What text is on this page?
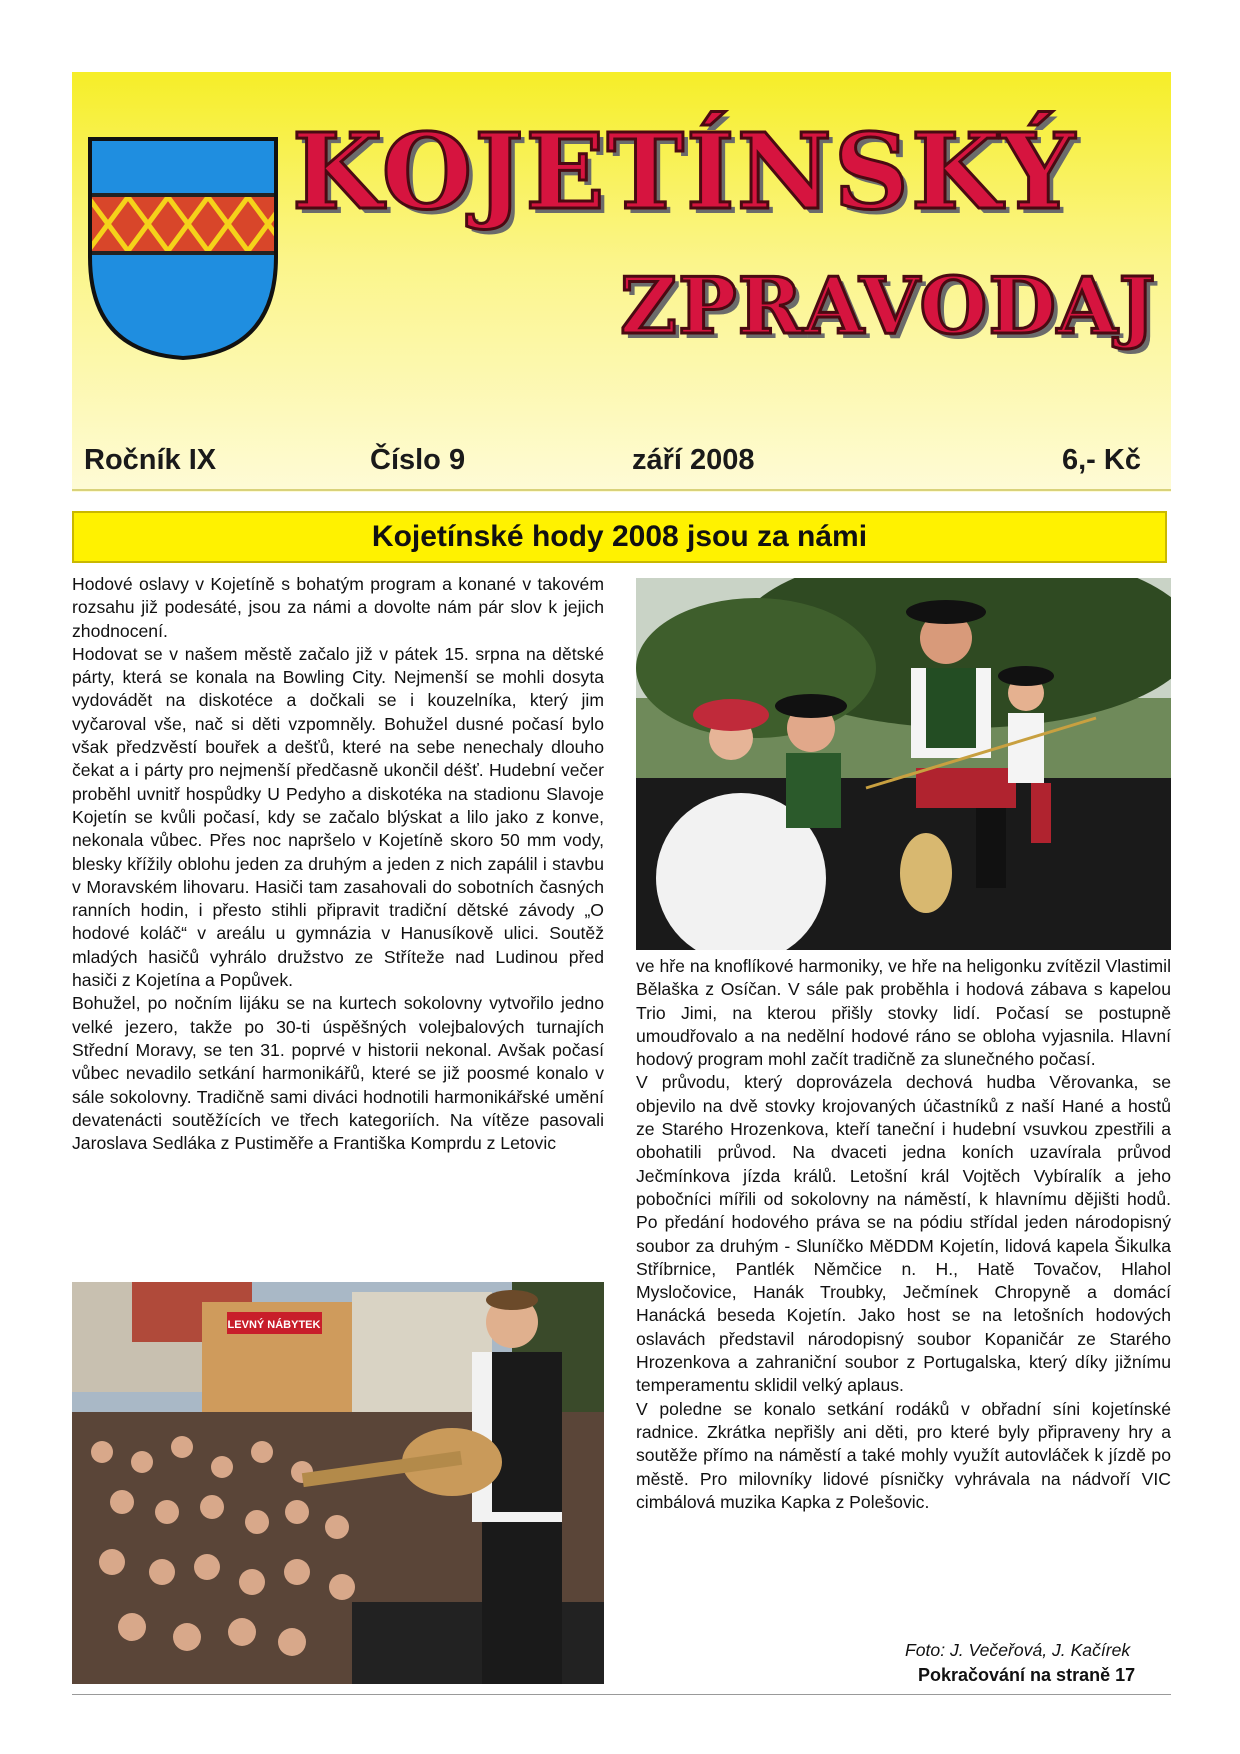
KOJETÍNSKÝ
ZPRAVODAJ
Ročník IX	Číslo 9	září 2008	6,- Kč
Kojetínské hody 2008 jsou za námi

Hodové oslavy v Kojetíně s bohatým program a konané v takovém rozsahu již podesáté, jsou za námi a dovolte nám pár slov k jejich zhodnocení.

Hodovat se v našem městě začalo již v pátek 15. srpna na dětské párty, která se konala na Bowling City. Nejmenší se mohli dosyta vydovádět na diskotéce a dočkali se i kouzelníka, který jim vyčaroval vše, nač si děti vzpomněly. Bohužel dusné počasí bylo však předzvěstí bouřek a dešťů, které na sebe nenechaly dlouho čekat a i párty pro nejmenší předčasně ukončil déšť. Hudební večer proběhl uvnitř hospůdky U Pedyho a diskotéka na stadionu Slavoje Kojetín se kvůli počasí, kdy se začalo blýskat a lilo jako z konve, nekonala vůbec. Přes noc napršelo v Kojetíně skoro 50 mm vody, blesky křížily oblohu jeden za druhým a jeden z nich zapálil i stavbu v Moravském lihovaru. Hasiči tam zasahovali do sobotních časných ranních hodin, i přesto stihli připravit tradiční dětské závody „O hodové koláč“ v areálu u gymnázia v Hanusíkově ulici. Soutěž mladých hasičů vyhrálo družstvo ze Střítеže nad Ludinou před hasiči z Kojetína a Popůvek.

Bohužel, po nočním lijáku se na kurtech sokolovny vytvořilo jedno velké jezero, takže po 30-ti úspěšných volejbalových turnajích Střední Moravy, se ten 31. poprvé v historii nekonal. Avšak počasí vůbec nevadilo setkání harmonikářů, které se již poosmé konalo v sále sokolovny. Tradičně sami diváci hodnotili harmonikářské umění devatenácti soutěžících ve třech kategoriích. Na vítěze pasovali Jaroslava Sedláka z Pustiměře a Františka Komprdu z Letovic

ve hře na knoflíkové harmoniky, ve hře na heligonku zvítězil Vlastimil Bělaška z Osíčan. V sále pak proběhla i hodová zábava s kapelou Trio Jimi, na kterou přišly stovky lidí. Počasí se postupně umoudřovalo a na nedělní hodové ráno se obloha vyjasnila. Hlavní hodový program mohl začít tradičně za slunečného počasí.

V průvodu, který doprovázela dechová hudba Věrovanka, se objevilo na dvě stovky krojovaných účastníků z naší Hané a hostů ze Starého Hrozenkova, kteří taneční i hudební vsuvkou zpestřili a obohatili průvod. Na dvaceti jedna koních uzavírala průvod Ječmínkova jízda králů. Letošní král Vojtěch Vybíralík a jeho pobočníci mířili od sokolovny na náměstí, k hlavnímu dějišti hodů. Po předání hodového práva se na pódiu střídal jeden národopisný soubor za druhým - Sluníčko MěDDM Kojetín, lidová kapela Šikulka Stříbrnice, Pantlék Němčice n. H., Hatě Tovačov, Hlahol Mysločovice, Hanák Troubky, Ječmínek Chropyně a domácí Hanácká beseda Kojetín. Jako host se na letošních hodových oslavách představil národopisný soubor Kopaničár ze Starého Hrozenkova a zahraniční soubor z Portugalska, který díky jižnímu temperamentu sklidil velký aplaus.

V poledne se konalo setkání rodáků v obřadní síni kojetínské radnice. Zkrátka nepřišly ani děti, pro které byly připraveny hry a soutěže přímo na náměstí a také mohly využít autovláček k jízdě po městě. Pro milovníky lidové písničky vyhrávala na nádvoří VIC cimbálová muzika Kapka z Polešovic.

LEVNÝ NÁBYTEK
Foto: J. Večeřová, J. Kačírek
Pokračování na straně 17
